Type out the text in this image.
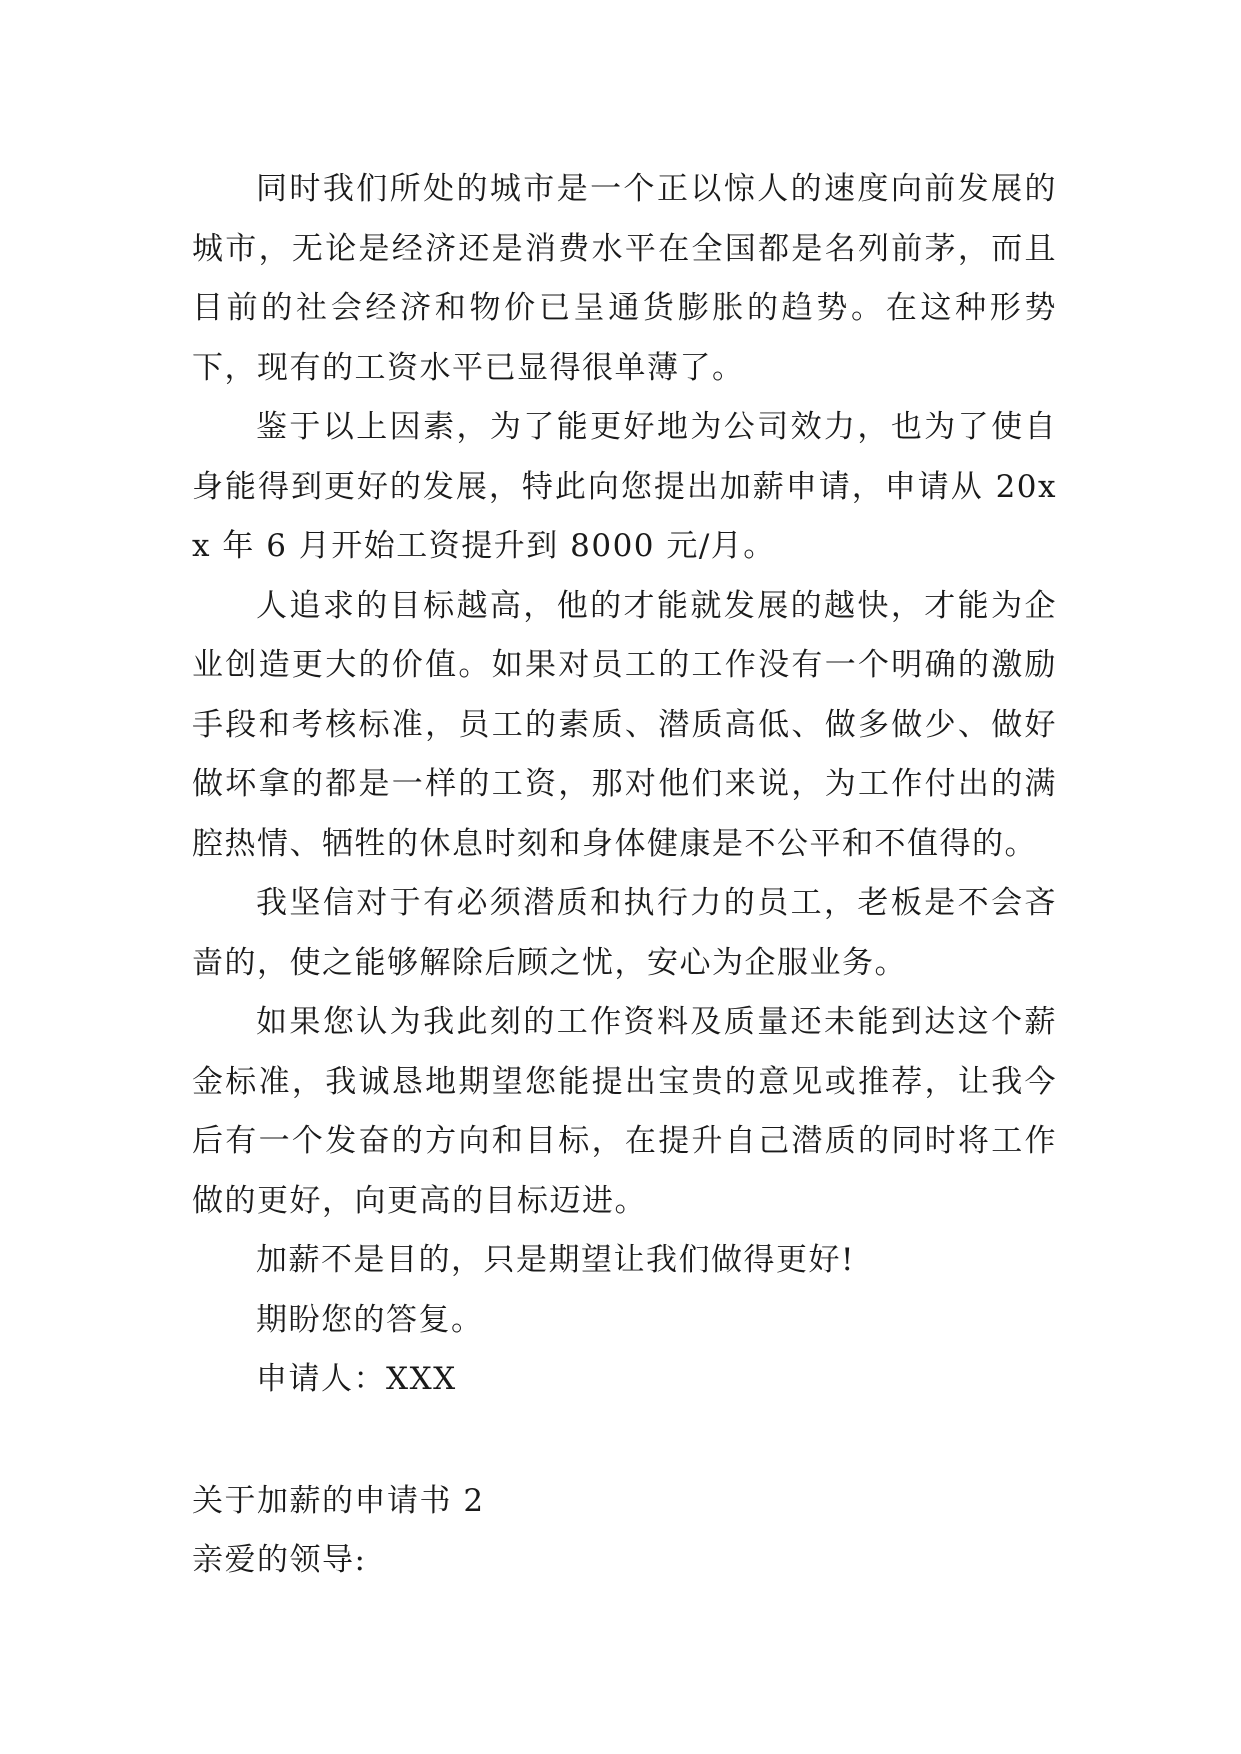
同时我们所处的城市是一个正以惊人的速度向前发展的城市，无论是经济还是消费水平在全国都是名列前茅，而且目前的社会经济和物价已呈通货膨胀的趋势。在这种形势下，现有的工资水平已显得很单薄了。

鉴于以上因素，为了能更好地为公司效力，也为了使自身能得到更好的发展，特此向您提出加薪申请，申请从 20xx 年 6 月开始工资提升到 8000 元/月。

人追求的目标越高，他的才能就发展的越快，才能为企业创造更大的价值。如果对员工的工作没有一个明确的激励手段和考核标准，员工的素质、潜质高低、做多做少、做好做坏拿的都是一样的工资，那对他们来说，为工作付出的满腔热情、牺牲的休息时刻和身体健康是不公平和不值得的。

我坚信对于有必须潜质和执行力的员工，老板是不会吝啬的，使之能够解除后顾之忧，安心为企服业务。

如果您认为我此刻的工作资料及质量还未能到达这个薪金标准，我诚恳地期望您能提出宝贵的意见或推荐，让我今后有一个发奋的方向和目标，在提升自己潜质的同时将工作做的更好，向更高的目标迈进。

加薪不是目的，只是期望让我们做得更好!

期盼您的答复。

申请人：XXX

关于加薪的申请书 2

亲爱的领导:
